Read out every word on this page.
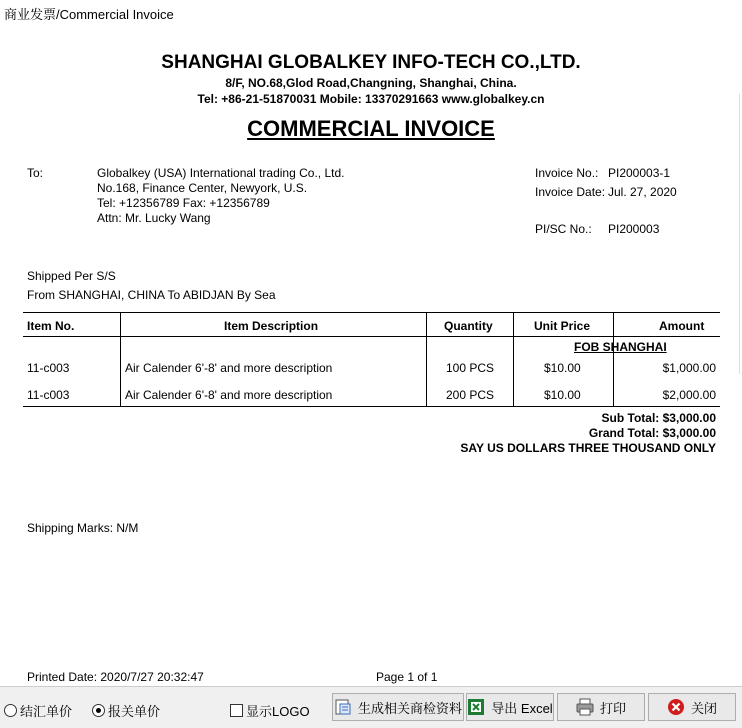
商业发票/Commercial Invoice
SHANGHAI GLOBALKEY INFO-TECH CO.,LTD.
8/F, NO.68,Glod Road,Changning, Shanghai, China.
Tel: +86-21-51870031 Mobile: 13370291663 www.globalkey.cn
COMMERCIAL INVOICE
To:	Globalkey (USA) International trading Co., Ltd.
No.168, Finance Center, Newyork, U.S.
Tel: +12356789 Fax: +12356789
Attn: Mr. Lucky Wang
Invoice No.: PI200003-1
Invoice Date: Jul. 27, 2020
PI/SC No.: PI200003
Shipped Per S/S
From SHANGHAI, CHINA To ABIDJAN By Sea
Item No.	Item Description	Quantity	Unit Price	Amount
FOB SHANGHAI
11-c003	Air Calender 6'-8' and more description	100 PCS	$10.00	$1,000.00
11-c003	Air Calender 6'-8' and more description	200 PCS	$10.00	$2,000.00
Sub Total: $3,000.00
Grand Total: $3,000.00
SAY US DOLLARS THREE THOUSAND ONLY
Shipping Marks: N/M
Printed Date: 2020/7/27 20:32:47	Page 1 of 1
结汇单价	报关单价	显示LOGO	生成相关商检资料 导出 Excel	打印	关闭
